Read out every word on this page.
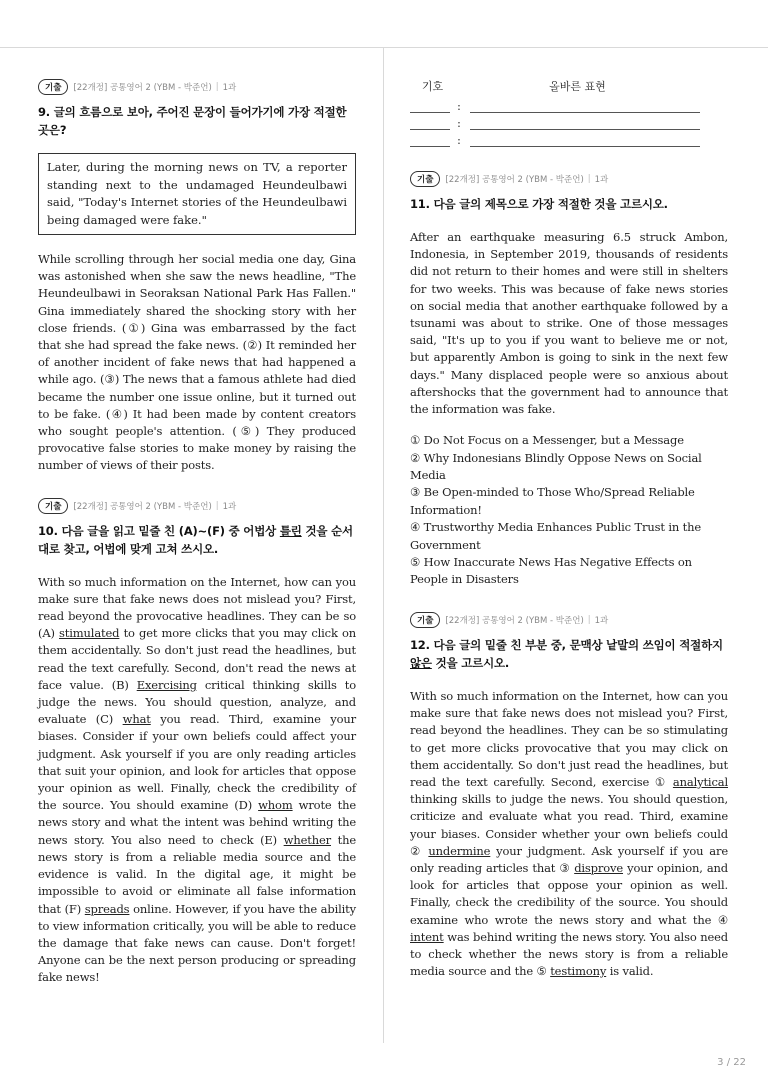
기출	[22개정] 공통영어 2 (YBM - 박준언) | 1과
9. 글의 흐름으로 보아, 주어진 문장이 들어가기에 가장 적절한 곳은?
Later, during the morning news on TV, a reporter standing next to the undamaged Heundeulbawi said, "Today's Internet stories of the Heundeulbawi being damaged were fake."

While scrolling through her social media one day, Gina was astonished when she saw the news headline, "The Heundeulbawi in Seoraksan National Park Has Fallen." Gina immediately shared the shocking story with her close friends. (①) Gina was embarrassed by the fact that she had spread the fake news. (②) It reminded her of another incident of fake news that had happened a while ago. (③) The news that a famous athlete had died became the number one issue online, but it turned out to be fake. (④) It had been made by content creators who sought people's attention. (⑤) They produced provocative false stories to make money by raising the number of views of their posts.

기출	[22개정] 공통영어 2 (YBM - 박준언) | 1과
10. 다음 글을 읽고 밑줄 친 (A)~(F) 중 어법상 틀린 것을 순서대로 찾고, 어법에 맞게 고쳐 쓰시오.

With so much information on the Internet, how can you make sure that fake news does not mislead you? First, read beyond the provocative headlines. They can be so (A) stimulated to get more clicks that you may click on them accidentally. So don't just read the headlines, but read the text carefully. Second, don't read the news at face value. (B) Exercising critical thinking skills to judge the news. You should question, analyze, and evaluate (C) what you read. Third, examine your biases. Consider if your own beliefs could affect your judgment. Ask yourself if you are only reading articles that suit your opinion, and look for articles that oppose your opinion as well. Finally, check the credibility of the source. You should examine (D) whom wrote the news story and what the intent was behind writing the news story. You also need to check (E) whether the news story is from a reliable media source and the evidence is valid. In the digital age, it might be impossible to avoid or eliminate all false information that (F) spreads online. However, if you have the ability to view information critically, you will be able to reduce the damage that fake news can cause. Don't forget! Anyone can be the next person producing or spreading fake news!

기호	올바른 표현
:
:
:
기출	[22개정] 공통영어 2 (YBM - 박준언) | 1과
11. 다음 글의 제목으로 가장 적절한 것을 고르시오.

After an earthquake measuring 6.5 struck Ambon, Indonesia, in September 2019, thousands of residents did not return to their homes and were still in shelters for two weeks. This was because of fake news stories on social media that another earthquake followed by a tsunami was about to strike. One of those messages said, "It's up to you if you want to believe me or not, but apparently Ambon is going to sink in the next few days." Many displaced people were so anxious about aftershocks that the government had to announce that the information was fake.

① Do Not Focus on a Messenger, but a Message
② Why Indonesians Blindly Oppose News on Social Media
③ Be Open-minded to Those Who/Spread Reliable Information!
④ Trustworthy Media Enhances Public Trust in the Government
⑤ How Inaccurate News Has Negative Effects on People in Disasters
기출	[22개정] 공통영어 2 (YBM - 박준언) | 1과
12. 다음 글의 밑줄 친 부분 중, 문맥상 낱말의 쓰임이 적절하지 않은 것을 고르시오.

With so much information on the Internet, how can you make sure that fake news does not mislead you? First, read beyond the headlines. They can be so stimulating to get more clicks provocative that you may click on them accidentally. So don't just read the headlines, but read the text carefully. Second, exercise ① analytical thinking skills to judge the news. You should question, criticize and evaluate what you read. Third, examine your biases. Consider whether your own beliefs could ② undermine your judgment. Ask yourself if you are only reading articles that ③ disprove your opinion, and look for articles that oppose your opinion as well. Finally, check the credibility of the source. You should examine who wrote the news story and what the ④ intent was behind writing the news story. You also need to check whether the news story is from a reliable media source and the ⑤ testimony is valid.

3 / 22
